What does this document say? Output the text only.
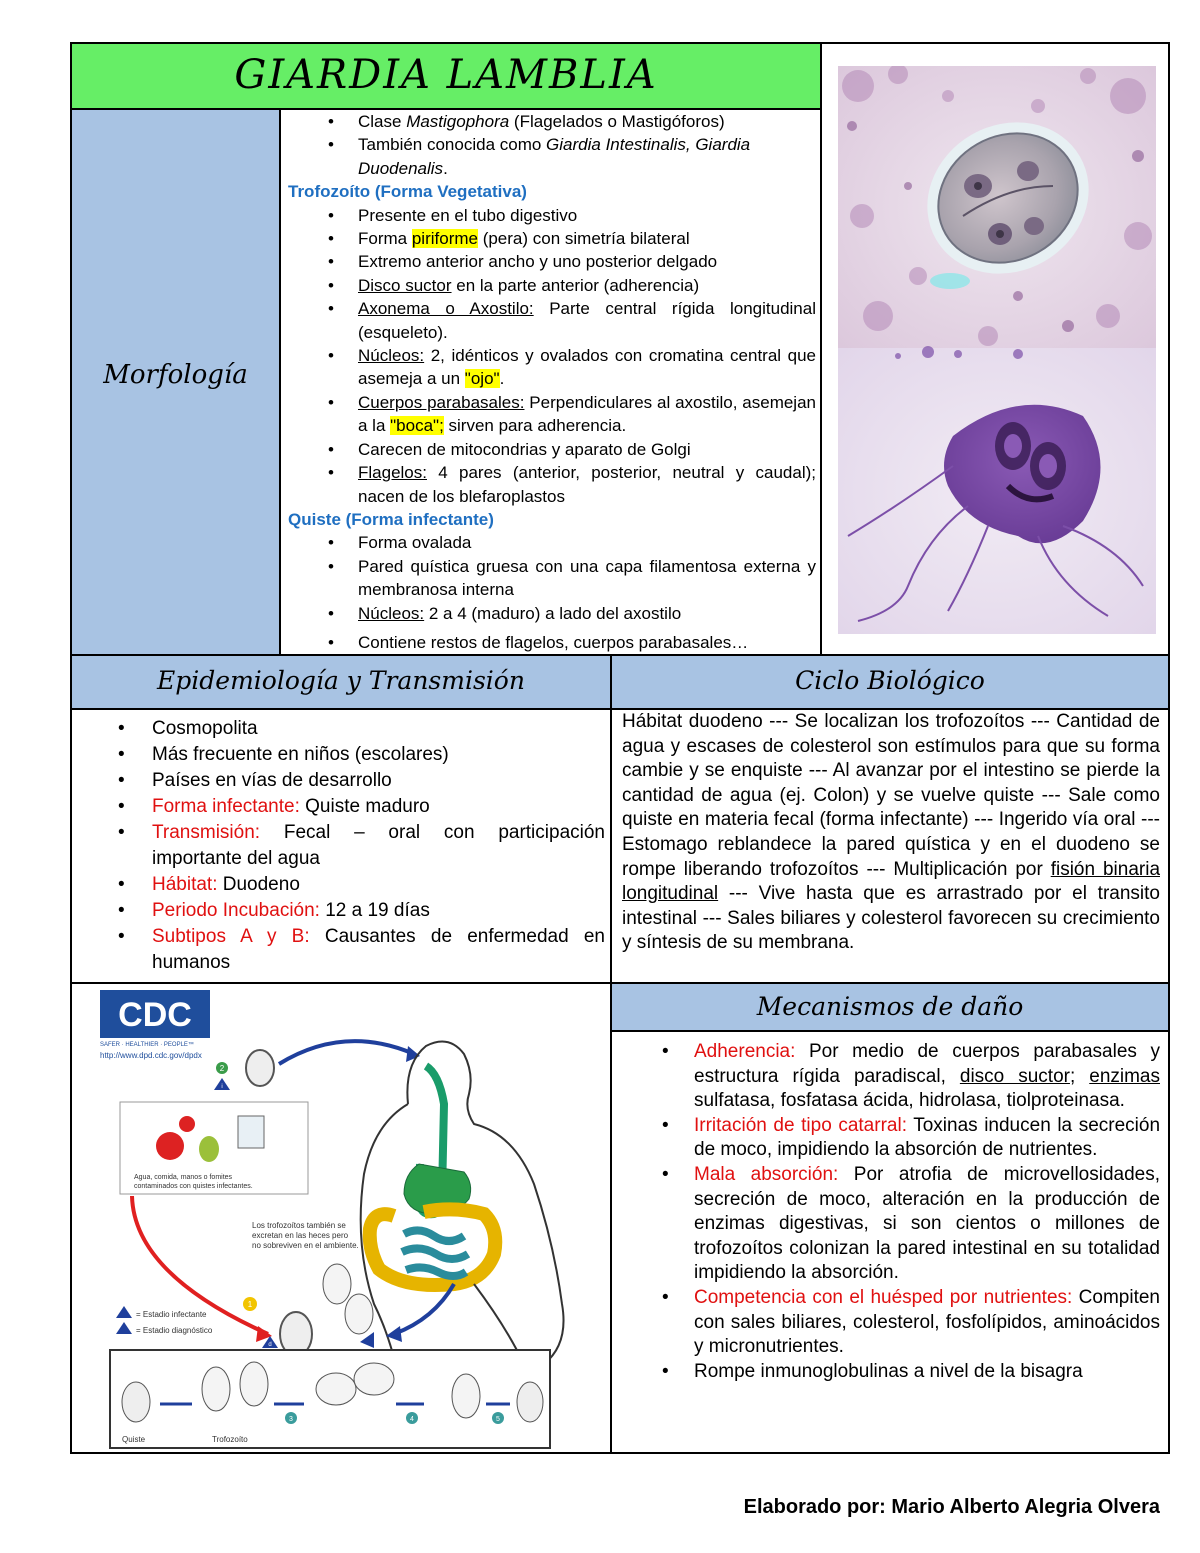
GIARDIA LAMBLIA
Morfología
• Clase Mastigophora (Flagelados o Mastigóforos)
• También conocida como Giardia Intestinalis, Giardia Duodenalis.
Trofozoíto (Forma Vegetativa)
• Presente en el tubo digestivo
• Forma piriforme (pera) con simetría bilateral
• Extremo anterior ancho y uno posterior delgado
• Disco suctor en la parte anterior (adherencia)
• Axonema o Axostilo: Parte central rígida longitudinal (esqueleto).
• Núcleos: 2, idénticos y ovalados con cromatina central que asemeja a un "ojo".
• Cuerpos parabasales: Perpendiculares al axostilo, asemejan a la "boca"; sirven para adherencia.
• Carecen de mitocondrias y aparato de Golgi
• Flagelos: 4 pares (anterior, posterior, neutral y caudal); nacen de los blefaroplastos
Quiste (Forma infectante)
• Forma ovalada
• Pared quística gruesa con una capa filamentosa externa y membranosa interna
• Núcleos: 2 a 4 (maduro) a lado del axostilo
• Contiene restos de flagelos, cuerpos parabasales…
Epidemiología y Transmisión	Ciclo Biológico
• Cosmopolita
• Más frecuente en niños (escolares)
• Países en vías de desarrollo
• Forma infectante: Quiste maduro
• Transmisión: Fecal – oral con participación importante del agua
• Hábitat: Duodeno
• Periodo Incubación: 12 a 19 días
• Subtipos A y B: Causantes de enfermedad en humanos
Hábitat duodeno --- Se localizan los trofozoítos --- Cantidad de agua y escases de colesterol son estímulos para que su forma cambie y se enquiste --- Al avanzar por el intestino se pierde la cantidad de agua (ej. Colon) y se vuelve quiste --- Sale como quiste en materia fecal (forma infectante) --- Ingerido vía oral --- Estomago reblandece la pared quística y en el duodeno se rompe liberando trofozoítos --- Multiplicación por fisión binaria longitudinal --- Vive hasta que es arrastrado por el transito intestinal --- Sales biliares y colesterol favorecen su crecimiento y síntesis de su membrana.
CDC
SAFER · HEALTHIER · PEOPLE™
http://www.dpd.cdc.gov/dpdx
2
i
Agua, comida, manos o fomites
contaminados con quistes infectantes.
Los trofozoítos también se
excretan en las heces pero
no sobreviven en el ambiente.
1
d
= Estadio infectante
= Estadio diagnóstico
Quiste	Trofozoíto
3	4	5
Mecanismos de daño
• Adherencia: Por medio de cuerpos parabasales y estructura rígida paradiscal, disco suctor; enzimas sulfatasa, fosfatasa ácida, hidrolasa, tiolproteinasa.
• Irritación de tipo catarral: Toxinas inducen la secreción de moco, impidiendo la absorción de nutrientes.
• Mala absorción: Por atrofia de microvellosidades, secreción de moco, alteración en la producción de enzimas digestivas, si son cientos o millones de trofozoítos colonizan la pared intestinal en su totalidad impidiendo la absorción.
• Competencia con el huésped por nutrientes: Compiten con sales biliares, colesterol, fosfolípidos, aminoácidos y micronutrientes.
• Rompe inmunoglobulinas a nivel de la bisagra
Elaborado por: Mario Alberto Alegria Olvera
